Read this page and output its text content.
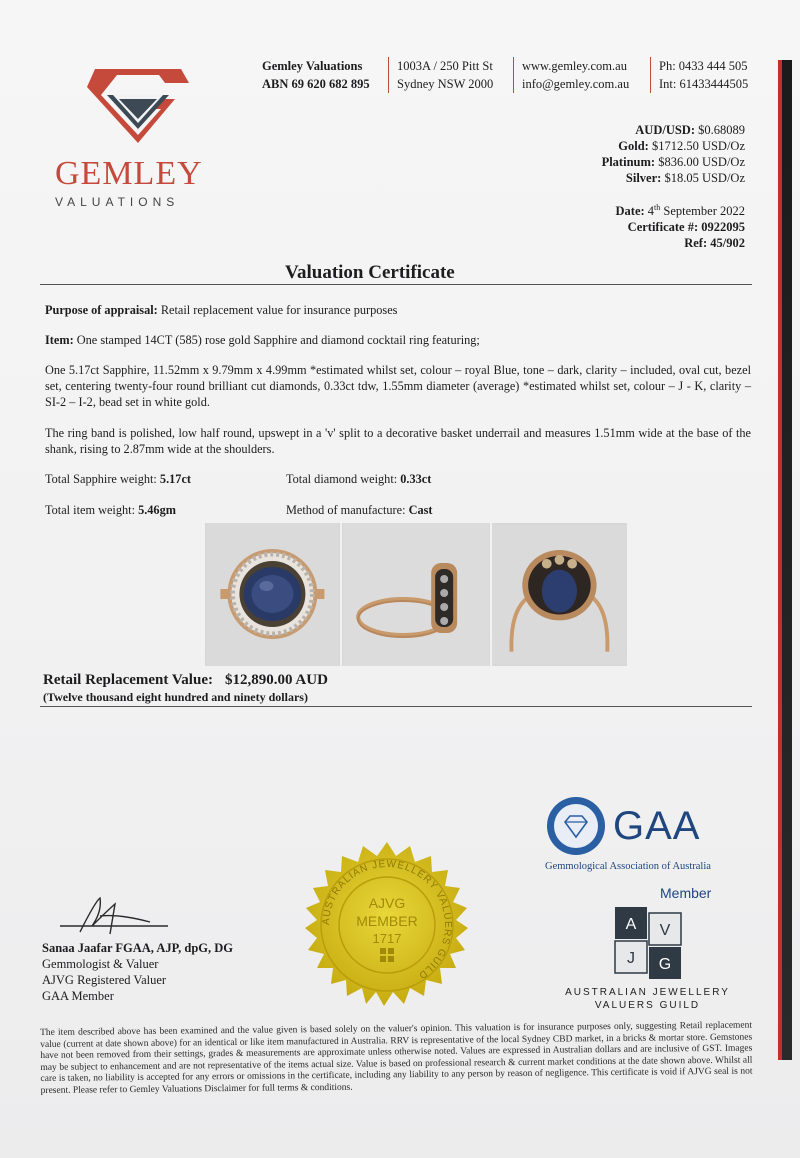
GEMLEY
VALUATIONS
Gemley Valuations
ABN 69 620 682 895
1003A / 250 Pitt St
Sydney NSW 2000
www.gemley.com.au
info@gemley.com.au
Ph: 0433 444 505
Int: 61433444505
AUD/USD: $0.68089
Gold: $1712.50 USD/Oz
Platinum: $836.00 USD/Oz
Silver: $18.05 USD/Oz
Date: 4th September 2022
Certificate #: 0922095
Ref: 45/902
Valuation Certificate
Purpose of appraisal: Retail replacement value for insurance purposes
Item: One stamped 14CT (585) rose gold Sapphire and diamond cocktail ring featuring;
One 5.17ct Sapphire, 11.52mm x 9.79mm x 4.99mm *estimated whilst set, colour – royal Blue, tone – dark, clarity – included, oval cut, bezel set, centering twenty-four round brilliant cut diamonds, 0.33ct tdw, 1.55mm diameter (average) *estimated whilst set, colour – J - K, clarity – SI-2 – I-2, bead set in white gold.
The ring band is polished, low half round, upswept in a 'v' split to a decorative basket underrail and measures 1.51mm wide at the base of the shank, rising to 2.87mm wide at the shoulders.
Total Sapphire weight: 5.17ct	Total diamond weight: 0.33ct
Total item weight: 5.46gm	Method of manufacture: Cast
Retail Replacement Value: $12,890.00 AUD
(Twelve thousand eight hundred and ninety dollars)
Sanaa Jaafar FGAA, AJP, dpG, DG
Gemmologist & Valuer
AJVG Registered Valuer
GAA Member
AUSTRALIAN JEWELLERY VALUERS GUILD
AJVG
MEMBER
1717
GAA
Gemmological Association of Australia
Member
A V
J G
AUSTRALIAN JEWELLERY
VALUERS GUILD
The item described above has been examined and the value given is based solely on the valuer's opinion. This valuation is for insurance purposes only, suggesting Retail replacement value (current at date shown above) for an identical or like item manufactured in Australia. RRV is representative of the local Sydney CBD market, in a bricks & mortar store. Gemstones have not been removed from their settings, grades & measurements are approximate unless otherwise noted. Values are expressed in Australian dollars and are inclusive of GST. Images may be subject to enhancement and are not representative of the items actual size. Value is based on professional research & current market conditions at the date shown above. Whilst all care is taken, no liability is accepted for any errors or omissions in the certificate, including any liability to any person by reason of negligence. This certificate is void if AJVG seal is not present. Please refer to Gemley Valuations Disclaimer for full terms & conditions.
